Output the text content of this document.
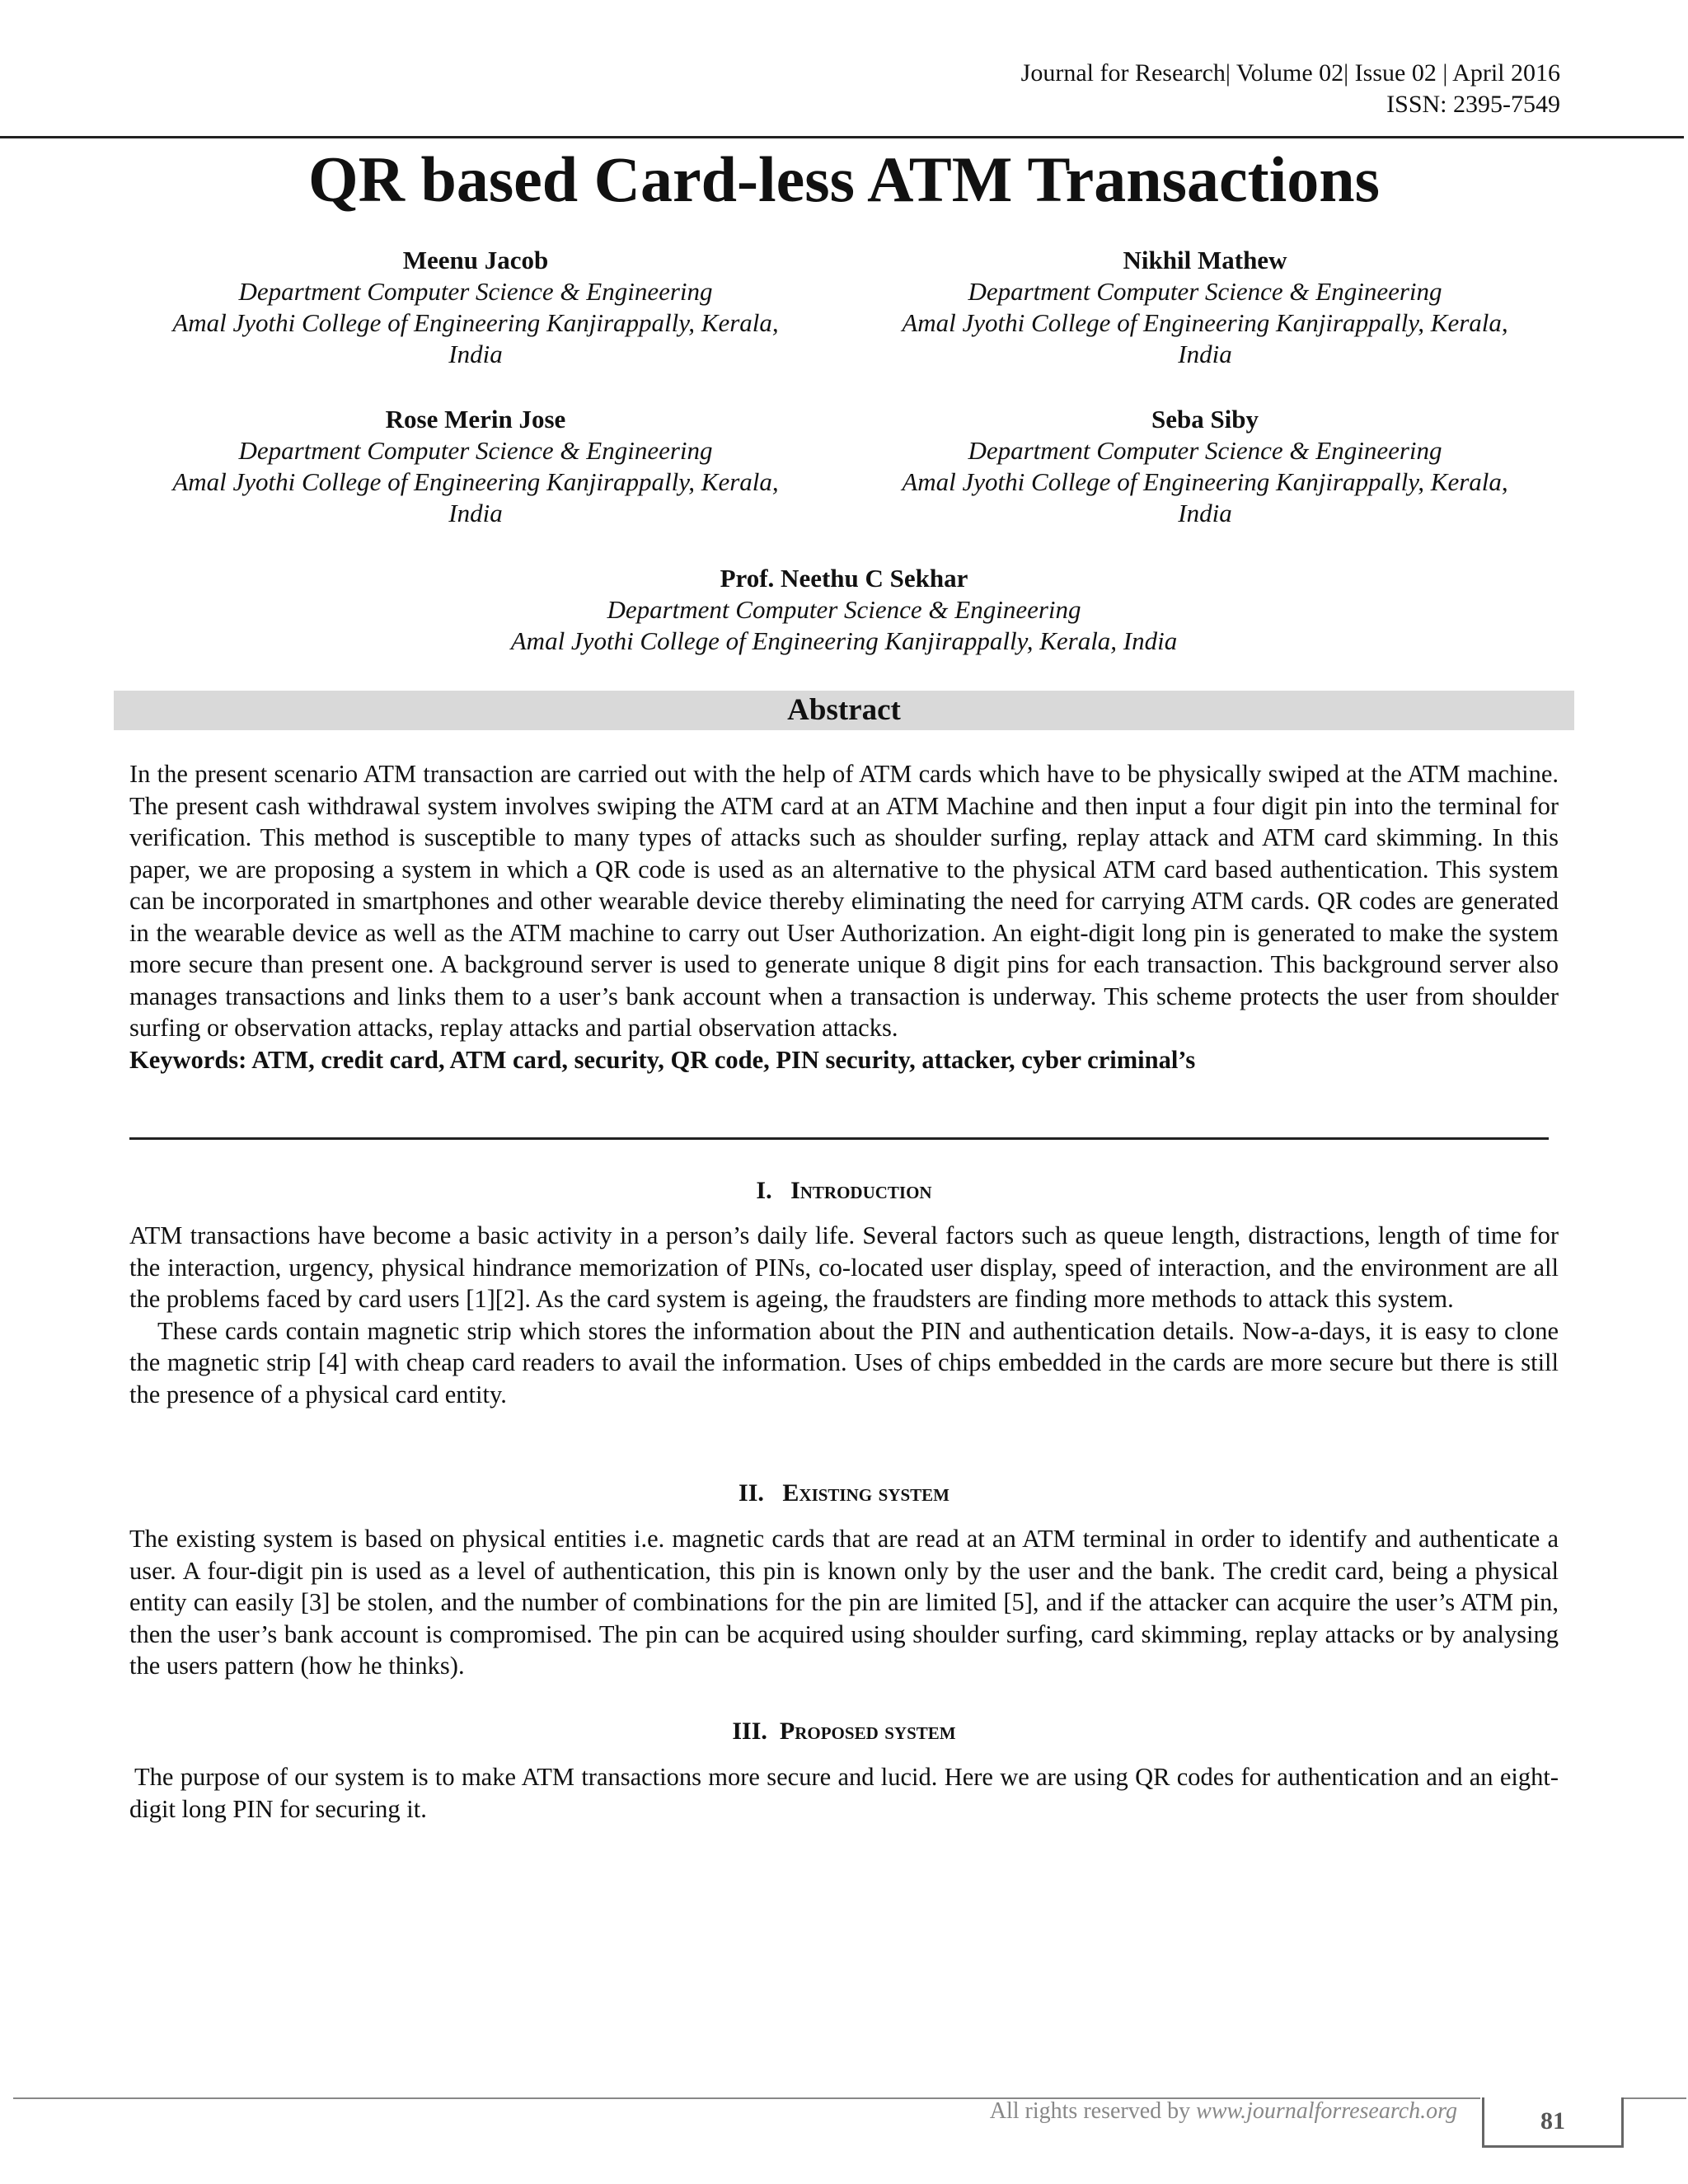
Journal for Research| Volume 02| Issue 02 | April 2016
ISSN: 2395-7549
QR based Card-less ATM Transactions
Meenu Jacob
Department Computer Science & Engineering
Amal Jyothi College of Engineering Kanjirappally, Kerala,
India
Nikhil Mathew
Department Computer Science & Engineering
Amal Jyothi College of Engineering Kanjirappally, Kerala,
India
Rose Merin Jose
Department Computer Science & Engineering
Amal Jyothi College of Engineering Kanjirappally, Kerala,
India
Seba Siby
Department Computer Science & Engineering
Amal Jyothi College of Engineering Kanjirappally, Kerala,
India
Prof. Neethu C Sekhar
Department Computer Science & Engineering
Amal Jyothi College of Engineering Kanjirappally, Kerala, India
Abstract

In the present scenario ATM transaction are carried out with the help of ATM cards which have to be physically swiped at the ATM machine. The present cash withdrawal system involves swiping the ATM card at an ATM Machine and then input a four digit pin into the terminal for verification. This method is susceptible to many types of attacks such as shoulder surfing, replay attack and ATM card skimming. In this paper, we are proposing a system in which a QR code is used as an alternative to the physical ATM card based authentication. This system can be incorporated in smartphones and other wearable device thereby eliminating the need for carrying ATM cards. QR codes are generated in the wearable device as well as the ATM machine to carry out User Authorization. An eight-digit long pin is generated to make the system more secure than present one. A background server is used to generate unique 8 digit pins for each transaction. This background server also manages transactions and links them to a user’s bank account when a transaction is underway. This scheme protects the user from shoulder surfing or observation attacks, replay attacks and partial observation attacks.

Keywords: ATM, credit card, ATM card, security, QR code, PIN security, attacker, cyber criminal’s

I. Introduction

ATM transactions have become a basic activity in a person’s daily life. Several factors such as queue length, distractions, length of time for the interaction, urgency, physical hindrance memorization of PINs, co-located user display, speed of interaction, and the environment are all the problems faced by card users [1][2]. As the card system is ageing, the fraudsters are finding more methods to attack this system.

These cards contain magnetic strip which stores the information about the PIN and authentication details. Now-a-days, it is easy to clone the magnetic strip [4] with cheap card readers to avail the information. Uses of chips embedded in the cards are more secure but there is still the presence of a physical card entity.

II. Existing system

The existing system is based on physical entities i.e. magnetic cards that are read at an ATM terminal in order to identify and authenticate a user. A four-digit pin is used as a level of authentication, this pin is known only by the user and the bank. The credit card, being a physical entity can easily [3] be stolen, and the number of combinations for the pin are limited [5], and if the attacker can acquire the user’s ATM pin, then the user’s bank account is compromised. The pin can be acquired using shoulder surfing, card skimming, replay attacks or by analysing the users pattern (how he thinks).

III. Proposed system

The purpose of our system is to make ATM transactions more secure and lucid. Here we are using QR codes for authentication and an eight-digit long PIN for securing it.

All rights reserved by www.journalforresearch.org	81
